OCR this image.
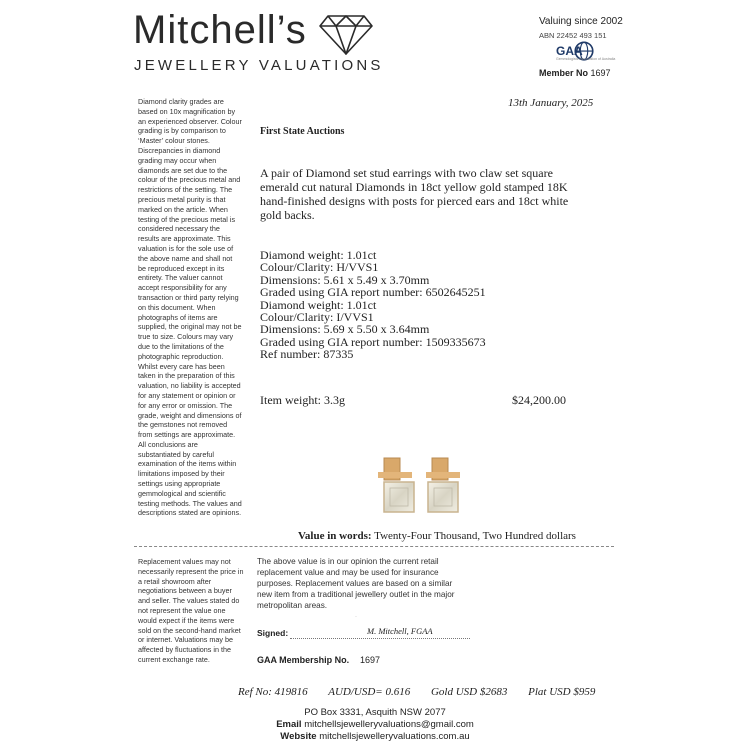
Mitchell’s
JEWELLERY VALUATIONS
Valuing since 2002
ABN 22452 493 151
GAA
Gemmologists Association of Australia
Member No 1697
Diamond clarity grades are based on 10x magnification by an experienced observer. Colour grading is by comparison to ‘Master’ colour stones. Discrepancies in diamond grading may occur when diamonds are set due to the colour of the precious metal and restrictions of the setting. The precious metal purity is that marked on the article. When testing of the precious metal is considered necessary the results are approximate. This valuation is for the sole use of the above name and shall not be reproduced except in its entirety. The valuer cannot accept responsibility for any transaction or third party relying on this document. When photographs of items are supplied, the original may not be true to size. Colours may vary due to the limitations of the photographic reproduction. Whilst every care has been taken in the preparation of this valuation, no liability is accepted for any statement or opinion or for any error or omission. The grade, weight and dimensions of the gemstones not removed from settings are approximate. All conclusions are substantiated by careful examination of the items within limitations imposed by their settings using appropriate gemmological and scientific testing methods. The values and descriptions stated are opinions.
Replacement values may not necessarily represent the price in a retail showroom after negotiations between a buyer and seller. The values stated do not represent the value one would expect if the items were sold on the second-hand market or internet. Valuations may be affected by fluctuations in the current exchange rate.
13th January, 2025
First State Auctions
A pair of Diamond set stud earrings with two claw set square emerald cut natural Diamonds in 18ct yellow gold stamped 18K hand-finished designs with posts for pierced ears and 18ct white gold backs.
Diamond weight: 1.01ct
Colour/Clarity: H/VVS1
Dimensions: 5.61 x 5.49 x 3.70mm
Graded using GIA report number: 6502645251
Diamond weight: 1.01ct
Colour/Clarity: I/VVS1
Dimensions: 5.69 x 5.50 x 3.64mm
Graded using GIA report number: 1509335673
Ref number: 87335
Item weight: 3.3g	$24,200.00
Value in words: Twenty-Four Thousand, Two Hundred dollars
The above value is in our opinion the current retail replacement value and may be used for insurance purposes. Replacement values are based on a similar new item from a traditional jewellery outlet in the major metropolitan areas.
·
Signed:	M. Mitchell, FGAA
GAA Membership No. 1697
Ref No: 419816 AUD/USD= 0.616 Gold USD $2683 Plat USD $959
PO Box 3331, Asquith NSW 2077
Email mitchellsjewelleryvaluations@gmail.com
Website mitchellsjewelleryvaluations.com.au
